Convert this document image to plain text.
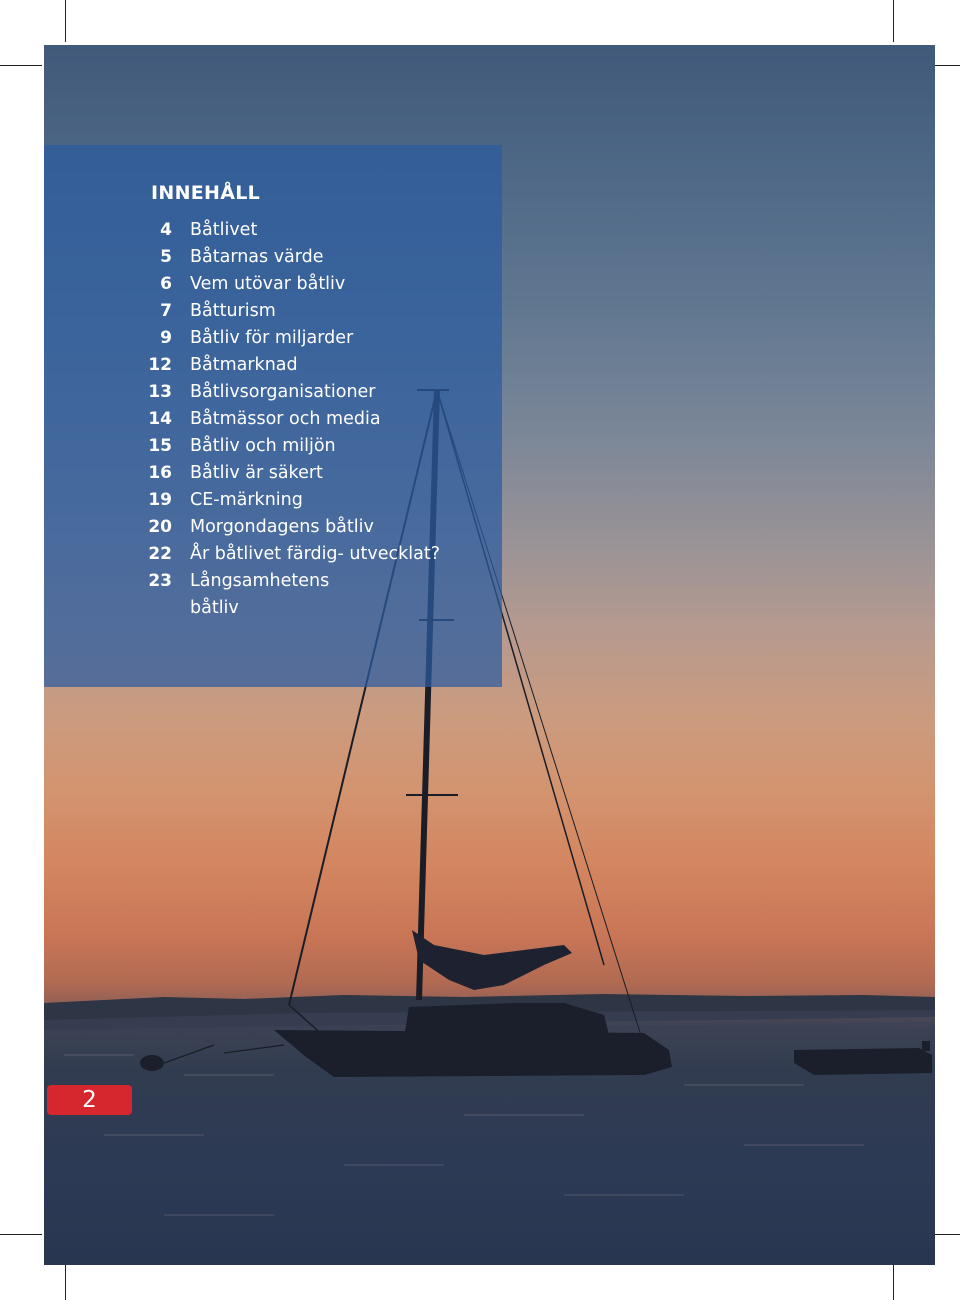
INNEHÅLL
4 Båtlivet
5 Båtarnas värde
6 Vem utövar båtliv
7 Båtturism
9 Båtliv för miljarder
12 Båtmarknad
13 Båtlivsorganisationer
14 Båtmässor och media
15 Båtliv och miljön
16 Båtliv är säkert
19 CE-märkning
20 Morgondagens båtliv
22 År båtlivet färdig- utvecklat?
23 Långsamhetens båtliv
2
